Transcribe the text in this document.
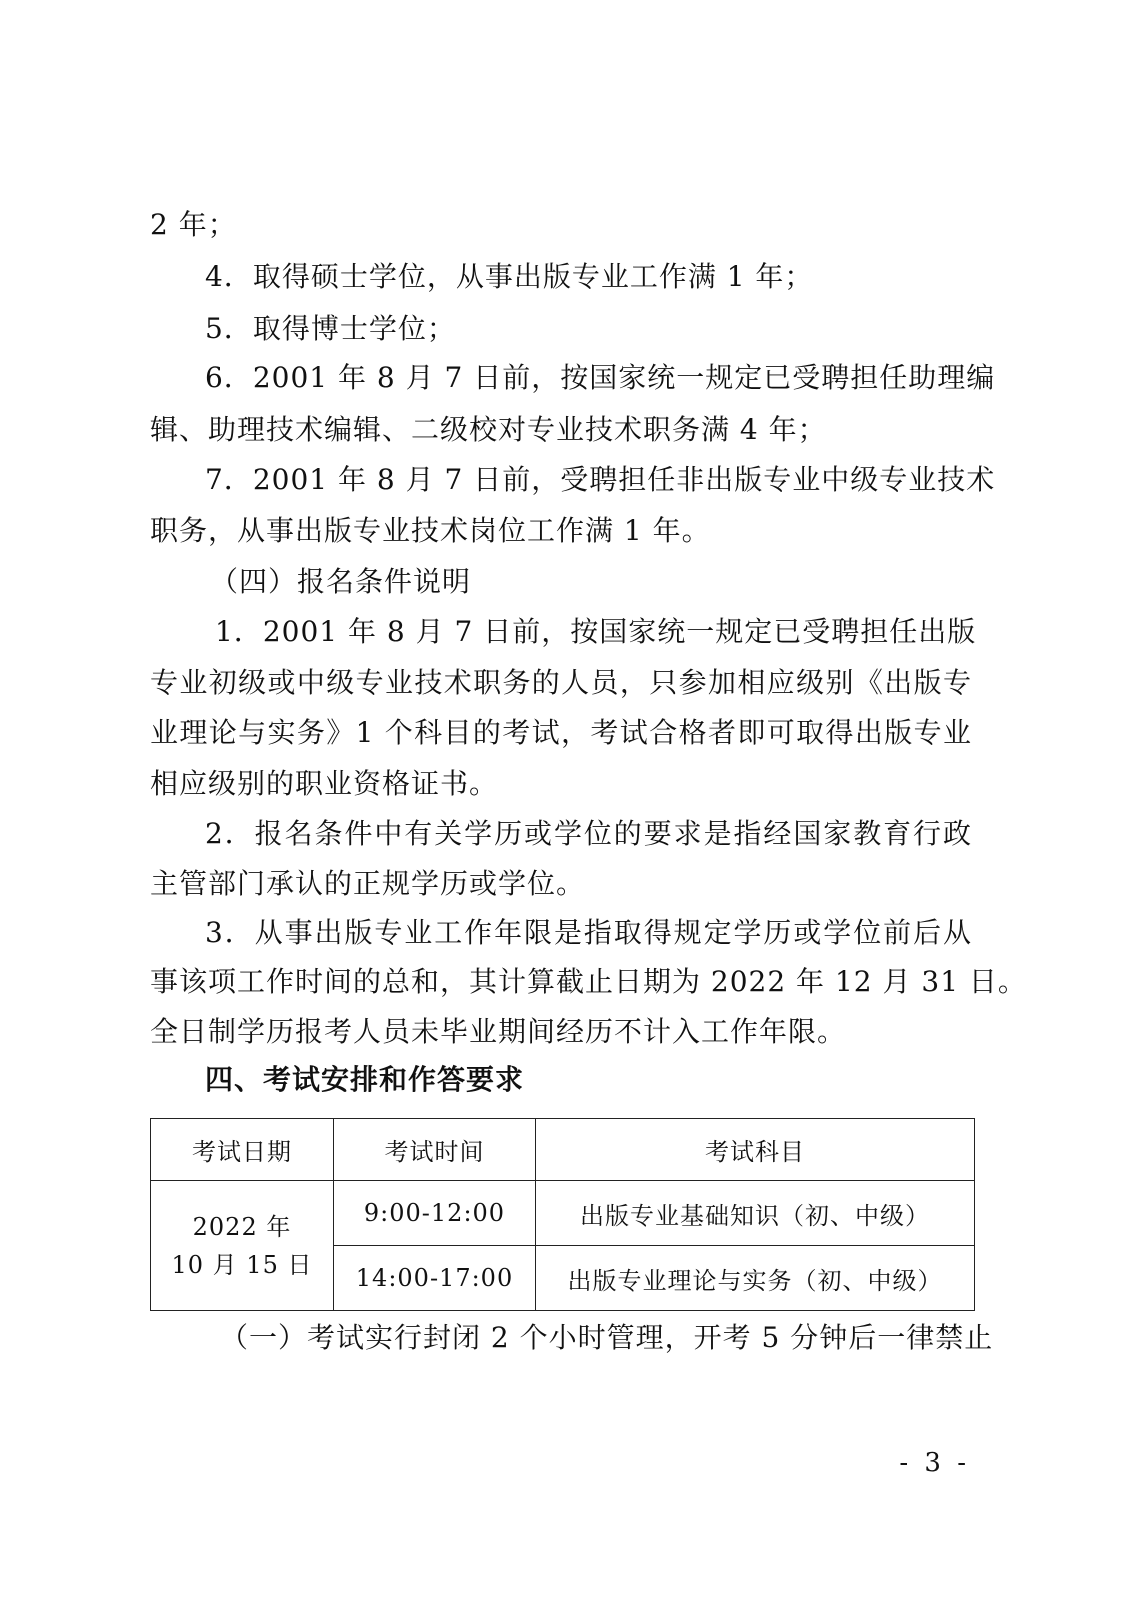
2 年；
4．取得硕士学位，从事出版专业工作满 1 年；
5．取得博士学位；
6．2001 年 8 月 7 日前，按国家统一规定已受聘担任助理编
辑、助理技术编辑、二级校对专业技术职务满 4 年；
7．2001 年 8 月 7 日前，受聘担任非出版专业中级专业技术
职务，从事出版专业技术岗位工作满 1 年。
（四）报名条件说明
1．2001 年 8 月 7 日前，按国家统一规定已受聘担任出版
专业初级或中级专业技术职务的人员，只参加相应级别《出版专
业理论与实务》1 个科目的考试，考试合格者即可取得出版专业
相应级别的职业资格证书。
2．报名条件中有关学历或学位的要求是指经国家教育行政
主管部门承认的正规学历或学位。
3．从事出版专业工作年限是指取得规定学历或学位前后从
事该项工作时间的总和，其计算截止日期为 2022 年 12 月 31 日。
全日制学历报考人员未毕业期间经历不计入工作年限。
四、考试安排和作答要求
考试日期	考试时间	考试科目

2022 年
10 月 15 日	9:00-12:00	出版专业基础知识（初、中级）
	14:00-17:00	出版专业理论与实务（初、中级）
（一）考试实行封闭 2 个小时管理，开考 5 分钟后一律禁止
- 3 -
